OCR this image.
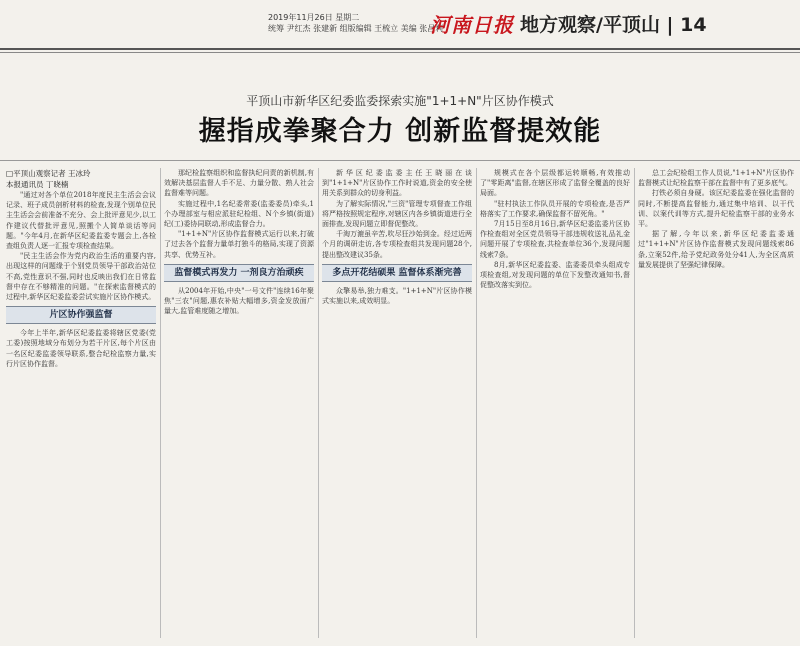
2019年11月26日 星期二
统筹 尹红杰 张建新 组版编辑 王梳立 美编 张昌莉
河南日报 地方观察/平顶山 | 14
平顶山市新华区纪委监委探索实施"1+1+N"片区协作模式
握指成拳聚合力 创新监督提效能
□平顶山观察记者 王冰玲
本报通讯员 丁晓楠

"通过对各个单位2018年度民主生活会会议记录、班子成员剖析材料的检查,发现个别单位民主生活会会前准备不充分、会上批评意见少,以工作建议代替批评意见,照搬个人简单谈话等问题。"今年4月,在新华区纪委监委专题会上,各检查组负责人逐一汇报专项检查结果。

"民主生活会作为党内政治生活的重要内容,出现这样的问题缘于个别党员领导干部政治站位不高,党性意识不强,同时也反映出我们在日常监督中存在不够精准的问题。"在探索监督模式的过程中,新华区纪委监委尝试实施片区协作模式。

片区协作强监督

今年上半年,新华区纪委监委将辖区党委(党工委)按照地域分布划分为若干片区,每个片区由一名区纪委监委领导联系,整合纪检监察力量,实行片区协作监督。

那纪检监察组织和监督执纪问责的新机制,有效解决基层监督人手不足、力量分散、熟人社会监督难等问题。

实施过程中,1名纪委常委(监委委员)牵头,1个办理部室与相应派驻纪检组、N个乡镇(街道)纪(工)委协同联动,形成监督合力。

"1+1+N"片区协作监督模式运行以来,打破了过去各个监督力量单打独斗的格局,实现了资源共享、优势互补。

监督模式再发力 一剂良方治顽疾

从2004年开始,中央"一号文件"连续16年聚焦"三农"问题,惠农补贴大幅增多,资金发放面广量大,监管难度随之增加。

新华区纪委监委主任王晓丽在谈到"1+1+N"片区协作工作时说道,资金的安全使用关系到群众的切身利益。

为了解实际情况,"三资"管理专项督查工作组将严格按照规定程序,对辖区内各乡镇街道进行全面排查,发现问题立即督促整改。

千淘万漉虽辛苦,吹尽狂沙始到金。经过近两个月的调研走访,各专项检查组共发现问题28个,提出整改建议35条。

多点开花结硕果 监督体系渐完善

众擎易举,独力难支。"1+1+N"片区协作模式实施以来,成效明显。

规模式在各个层级都运转顺畅,有效推动了"零距离"监督,在辖区形成了监督全覆盖的良好局面。

"驻村执法工作队员开展的专项检查,是否严格落实了工作要求,确保监督不留死角。"

7月15日至8月16日,新华区纪委监委片区协作检查组对全区党员领导干部违规收送礼品礼金问题开展了专项检查,共检查单位36个,发现问题线索7条。

8月,新华区纪委监委、监委委员牵头组成专项检查组,对发现问题的单位下发整改通知书,督促整改落实到位。

总工会纪检组工作人员说,"1+1+N"片区协作监督模式让纪检监察干部在监督中有了更多底气。

打铁必须自身硬。该区纪委监委在强化监督的同时,不断提高监督能力,通过集中培训、以干代训、以案代训等方式,提升纪检监察干部的业务水平。

据了解,今年以来,新华区纪委监委通过"1+1+N"片区协作监督模式发现问题线索86条,立案52件,给予党纪政务处分41人,为全区高质量发展提供了坚强纪律保障。
